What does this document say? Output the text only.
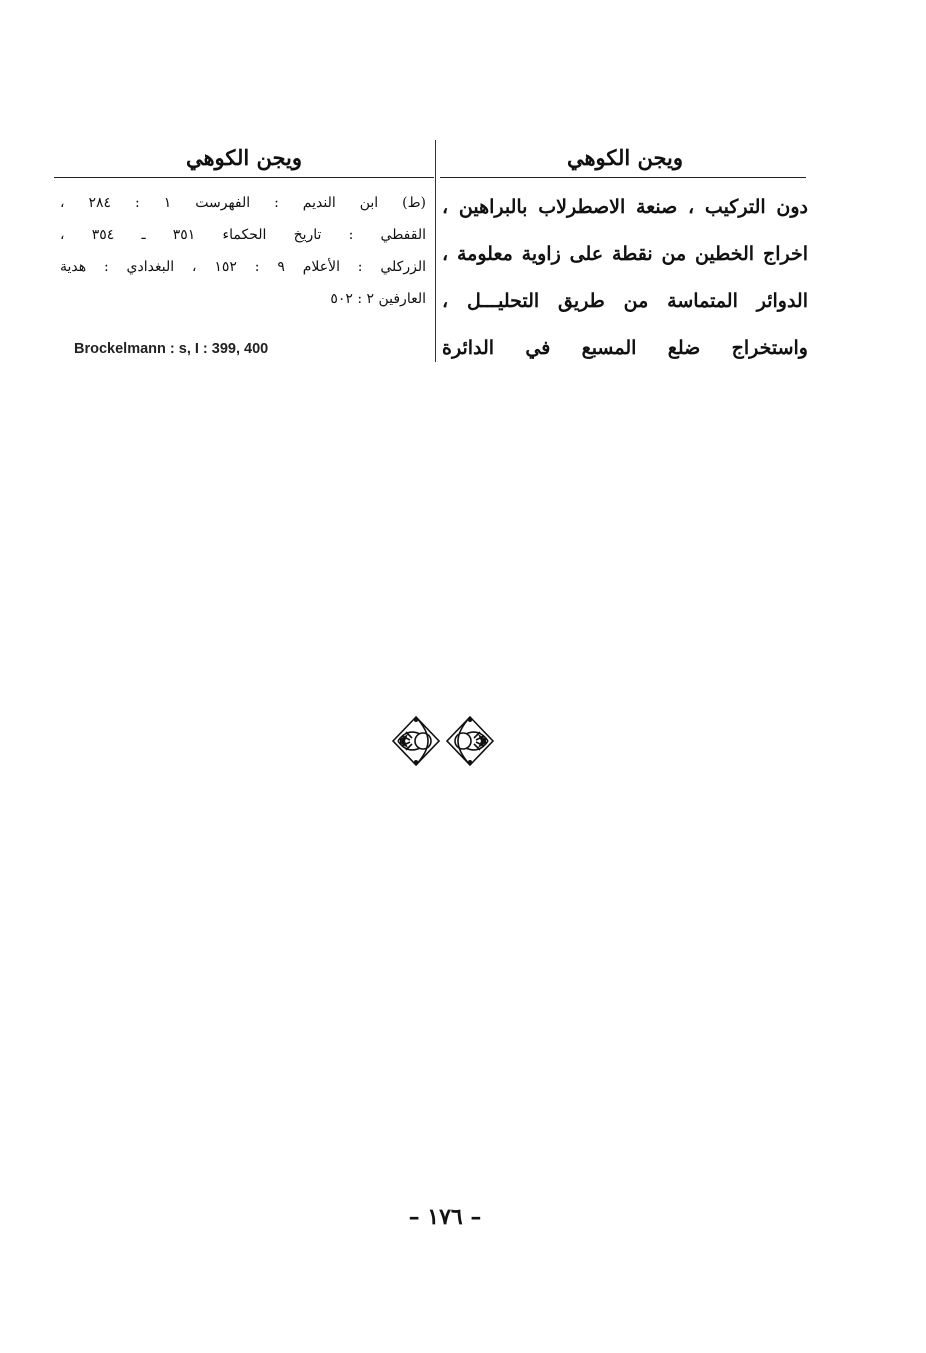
ويجن الكوهي
ويجن الكوهي
دون التركيب ، صنعة الاصطرلاب بالبراهين ،
اخراج الخطين من نقطة على زاوية معلومة ،
الدوائر المتماسة من طريق التحليـــل ،
واستخراج ضلع المسبع في الدائرة
(ط) ابن النديم : الفهرست ١ : ٢٨٤ ،
القفطي : تاريخ الحكماء ٣٥١ ـ ٣٥٤ ،
الزركلي : الأعلام ٩ : ١٥٢ ، البغدادي : هدية
العارفين ٢ : ٥٠٢
Brockelmann : s, I : 399, 400
– ١٧٦ –
